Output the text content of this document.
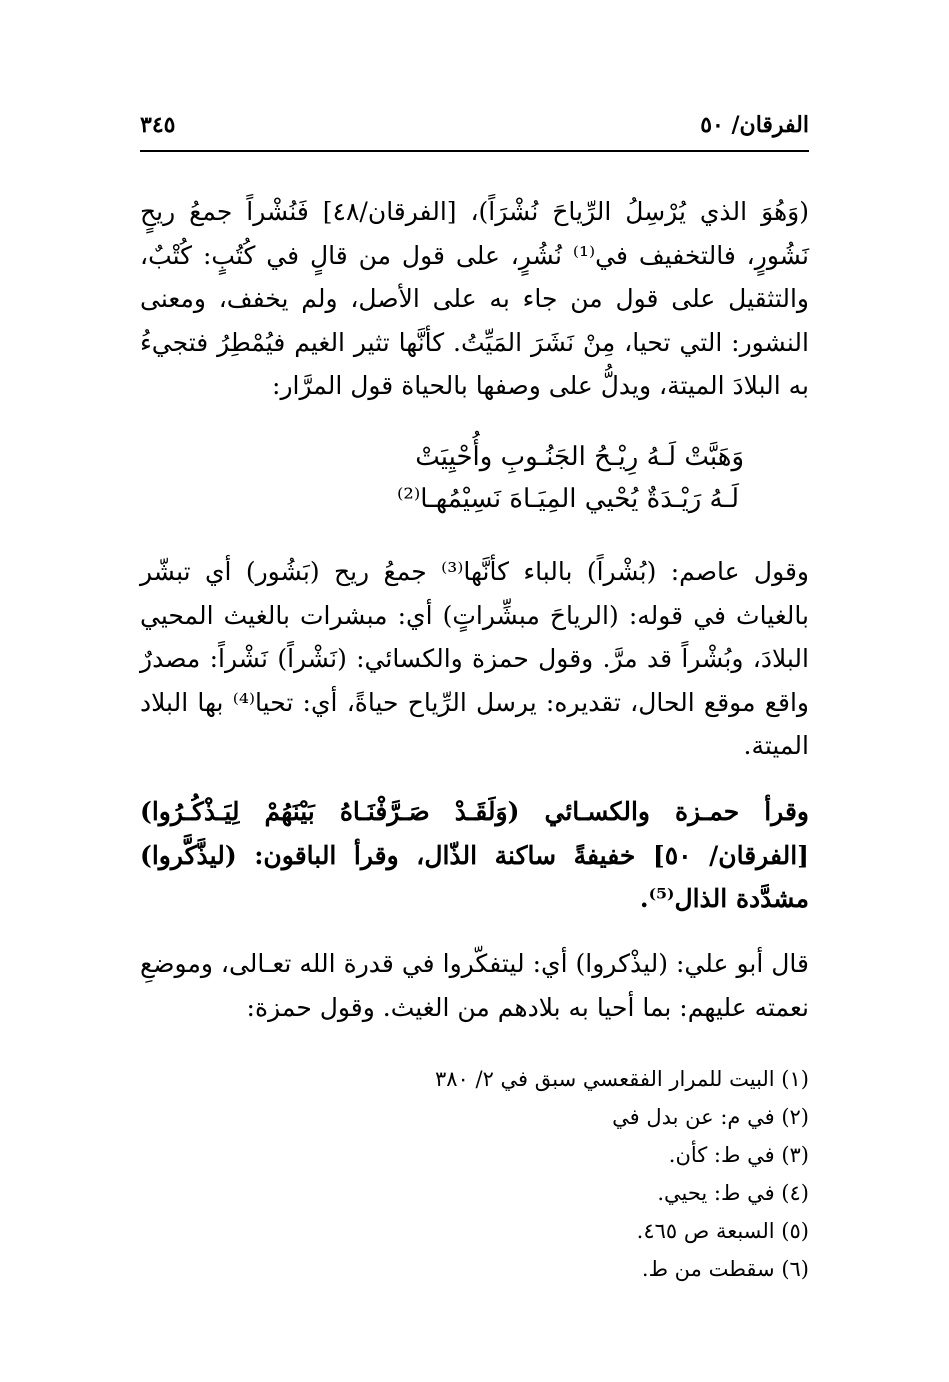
الفرقان/ ٥٠
٣٤٥

(وَهُوَ الذي يُرْسِلُ الرِّياحَ نُشْرَاً)، [الفرقان/٤٨] فَنُشْراً جمعُ ريحٍ نَشُورٍ، فالتخفيف في⁽¹⁾ نُشُرٍ، على قول من قالٍ في كُتُبٍ: كُتْبٌ، والتثقيل على قول من جاء به على الأصل، ولم يخفف، ومعنى النشور: التي تحيا، مِنْ نَشَرَ المَيِّتُ. كأنَّها تثير الغيم فيُمْطِرُ فتجيءُ به البلادَ الميتة، ويدلُّ على وصفها بالحياة قول المرَّار:

وَهَبَّتْ لَـهُ رِيْـحُ الجَنُـوبِ وأُحْيِيَتْ

لَـهُ رَيْـدَةٌ يُحْيي المِيَـاهَ نَسِيْمُهـا⁽²⁾

وقول عاصم: (بُشْراً) بالباء كأنَّها⁽³⁾ جمعُ ريح (بَشُور) أي تبشّر بالغياث في قوله: (الرياحَ مبشِّراتٍ) أي: مبشرات بالغيث المحيي البلادَ، وبُشْراً قد مرَّ. وقول حمزة والكسائي: (نَشْراً) نَشْراً: مصدرٌ واقع موقع الحال، تقديره: يرسل الرِّياح حياةً، أي: تحيا⁽⁴⁾ بها البلاد الميتة.

وقرأ حمـزة والكسـائي (وَلَقَـدْ صَـرَّفْنَـاهُ بَيْنَهُمْ لِيَـذْكُـرُوا) [الفرقان/ ٥٠] خفيفةً ساكنة الذّال، وقرأ الباقون: (ليذَّكَّروا) مشدَّدة الذال⁽⁵⁾.

قال أبو علي: (ليذْكروا) أي: ليتفكّروا في قدرة الله تعـالى، وموضعِ نعمته عليهم: بما أحيا به بلادهم من الغيث. وقول حمزة:

(١) البيت للمرار الفقعسي سبق في ٢/ ٣٨٠
(٢) في م: عن بدل في
(٣) في ط: كأن.
(٤) في ط: يحيي.
(٥) السبعة ص ٤٦٥.
(٦) سقطت من ط.
